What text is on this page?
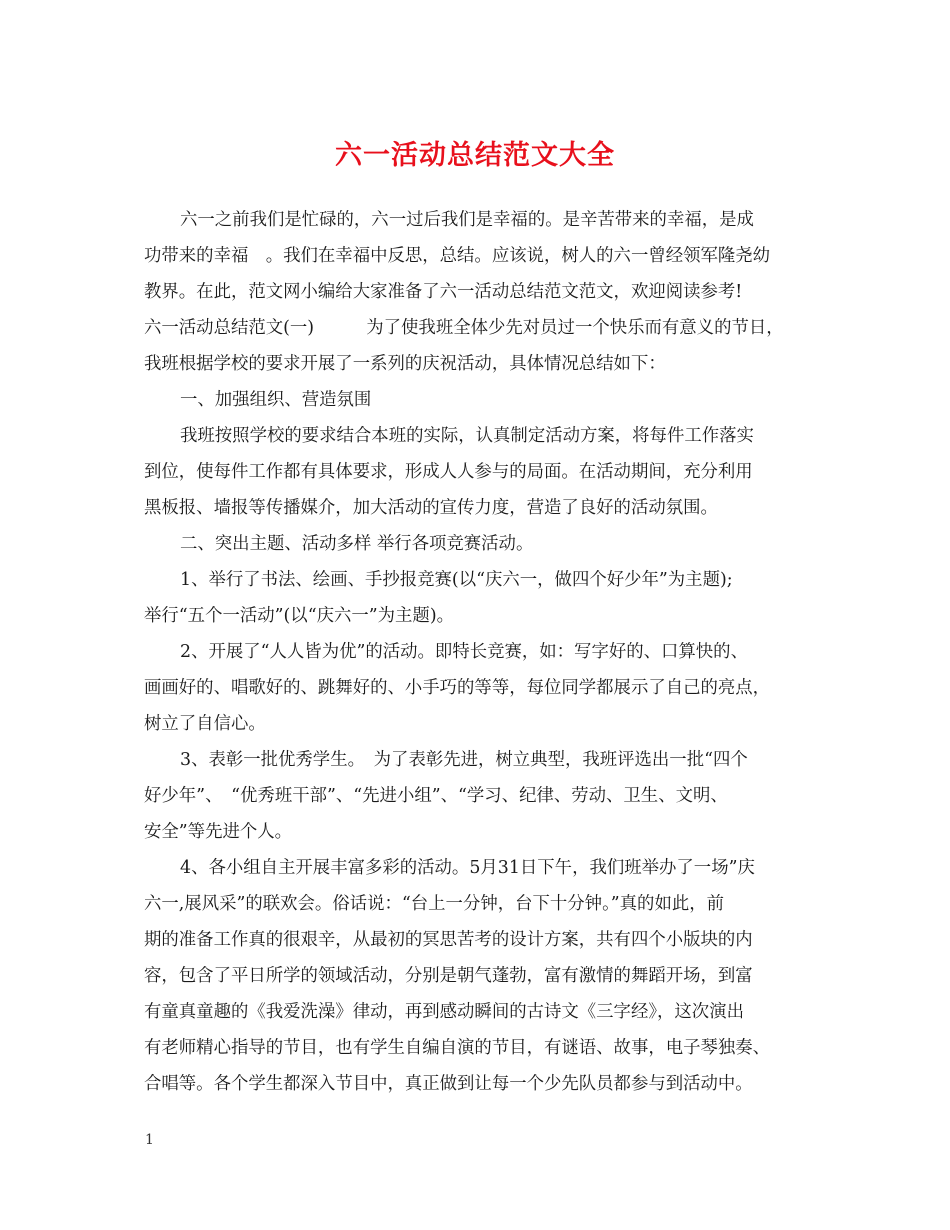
六一活动总结范文大全
六一之前我们是忙碌的，六一过后我们是幸福的。是辛苦带来的幸福，是成
功带来的幸福　。我们在幸福中反思，总结。应该说，树人的六一曾经领军隆尧幼
教界。在此，范文网小编给大家准备了六一活动总结范文范文，欢迎阅读参考!
六一活动总结范文(一)　　　为了使我班全体少先对员过一个快乐而有意义的节日，
我班根据学校的要求开展了一系列的庆祝活动，具体情况总结如下：
一、加强组织、营造氛围
我班按照学校的要求结合本班的实际，认真制定活动方案，将每件工作落实
到位，使每件工作都有具体要求，形成人人参与的局面。在活动期间，充分利用
黑板报、墙报等传播媒介，加大活动的宣传力度，营造了良好的活动氛围。
二、突出主题、活动多样 举行各项竞赛活动。
1、举行了书法、绘画、手抄报竞赛(以“庆六一，做四个好少年”为主题);
举行“五个一活动”(以“庆六一”为主题)。
2、开展了“人人皆为优”的活动。即特长竞赛，如：写字好的、口算快的、
画画好的、唱歌好的、跳舞好的、小手巧的等等，每位同学都展示了自己的亮点，
树立了自信心。
3、表彰一批优秀学生。　为了表彰先进，树立典型，我班评选出一批“四个
好少年”、　“优秀班干部”、“先进小组”、“学习、纪律、劳动、卫生、文明、
安全”等先进个人。
4、各小组自主开展丰富多彩的活动。5月31日下午，我们班举办了一场”庆
六一,展风采”的联欢会。俗话说：“台上一分钟，台下十分钟。”真的如此，前
期的准备工作真的很艰辛，从最初的冥思苦考的设计方案，共有四个小版块的内
容，包含了平日所学的领域活动，分别是朝气蓬勃，富有激情的舞蹈开场，到富
有童真童趣的《我爱洗澡》律动，再到感动瞬间的古诗文《三字经》，这次演出
有老师精心指导的节目，也有学生自编自演的节目，有谜语、故事，电子琴独奏、
合唱等。各个学生都深入节目中，真正做到让每一个少先队员都参与到活动中。
1
